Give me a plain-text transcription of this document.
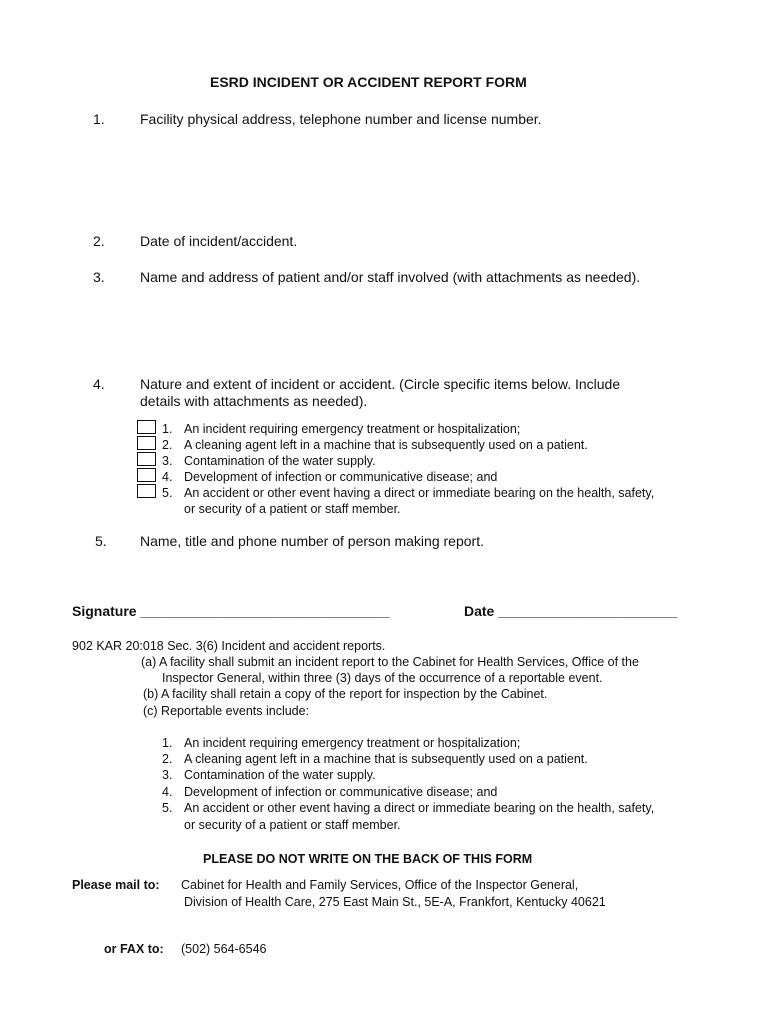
ESRD INCIDENT OR ACCIDENT REPORT FORM
1.	Facility physical address, telephone number and license number.
2.	Date of incident/accident.
3.	Name and address of patient and/or staff involved (with attachments as needed).
4.	Nature and extent of incident or accident. (Circle specific items below. Include
details with attachments as needed).
1. An incident requiring emergency treatment or hospitalization;
2. A cleaning agent left in a machine that is subsequently used on a patient.
3. Contamination of the water supply.
4. Development of infection or communicative disease; and
5. An accident or other event having a direct or immediate bearing on the health, safety,
or security of a patient or staff member.
5. Name, title and phone number of person making report.
Signature ________________________________	Date _______________________
902 KAR 20:018 Sec. 3(6) Incident and accident reports.
(a) A facility shall submit an incident report to the Cabinet for Health Services, Office of the
Inspector General, within three (3) days of the occurrence of a reportable event.
(b) A facility shall retain a copy of the report for inspection by the Cabinet.
(c) Reportable events include:
1. An incident requiring emergency treatment or hospitalization;
2. A cleaning agent left in a machine that is subsequently used on a patient.
3. Contamination of the water supply.
4. Development of infection or communicative disease; and
5. An accident or other event having a direct or immediate bearing on the health, safety,
or security of a patient or staff member.
PLEASE DO NOT WRITE ON THE BACK OF THIS FORM
Please mail to: Cabinet for Health and Family Services, Office of the Inspector General,
Division of Health Care, 275 East Main St., 5E-A, Frankfort, Kentucky 40621
or FAX to: (502) 564-6546
